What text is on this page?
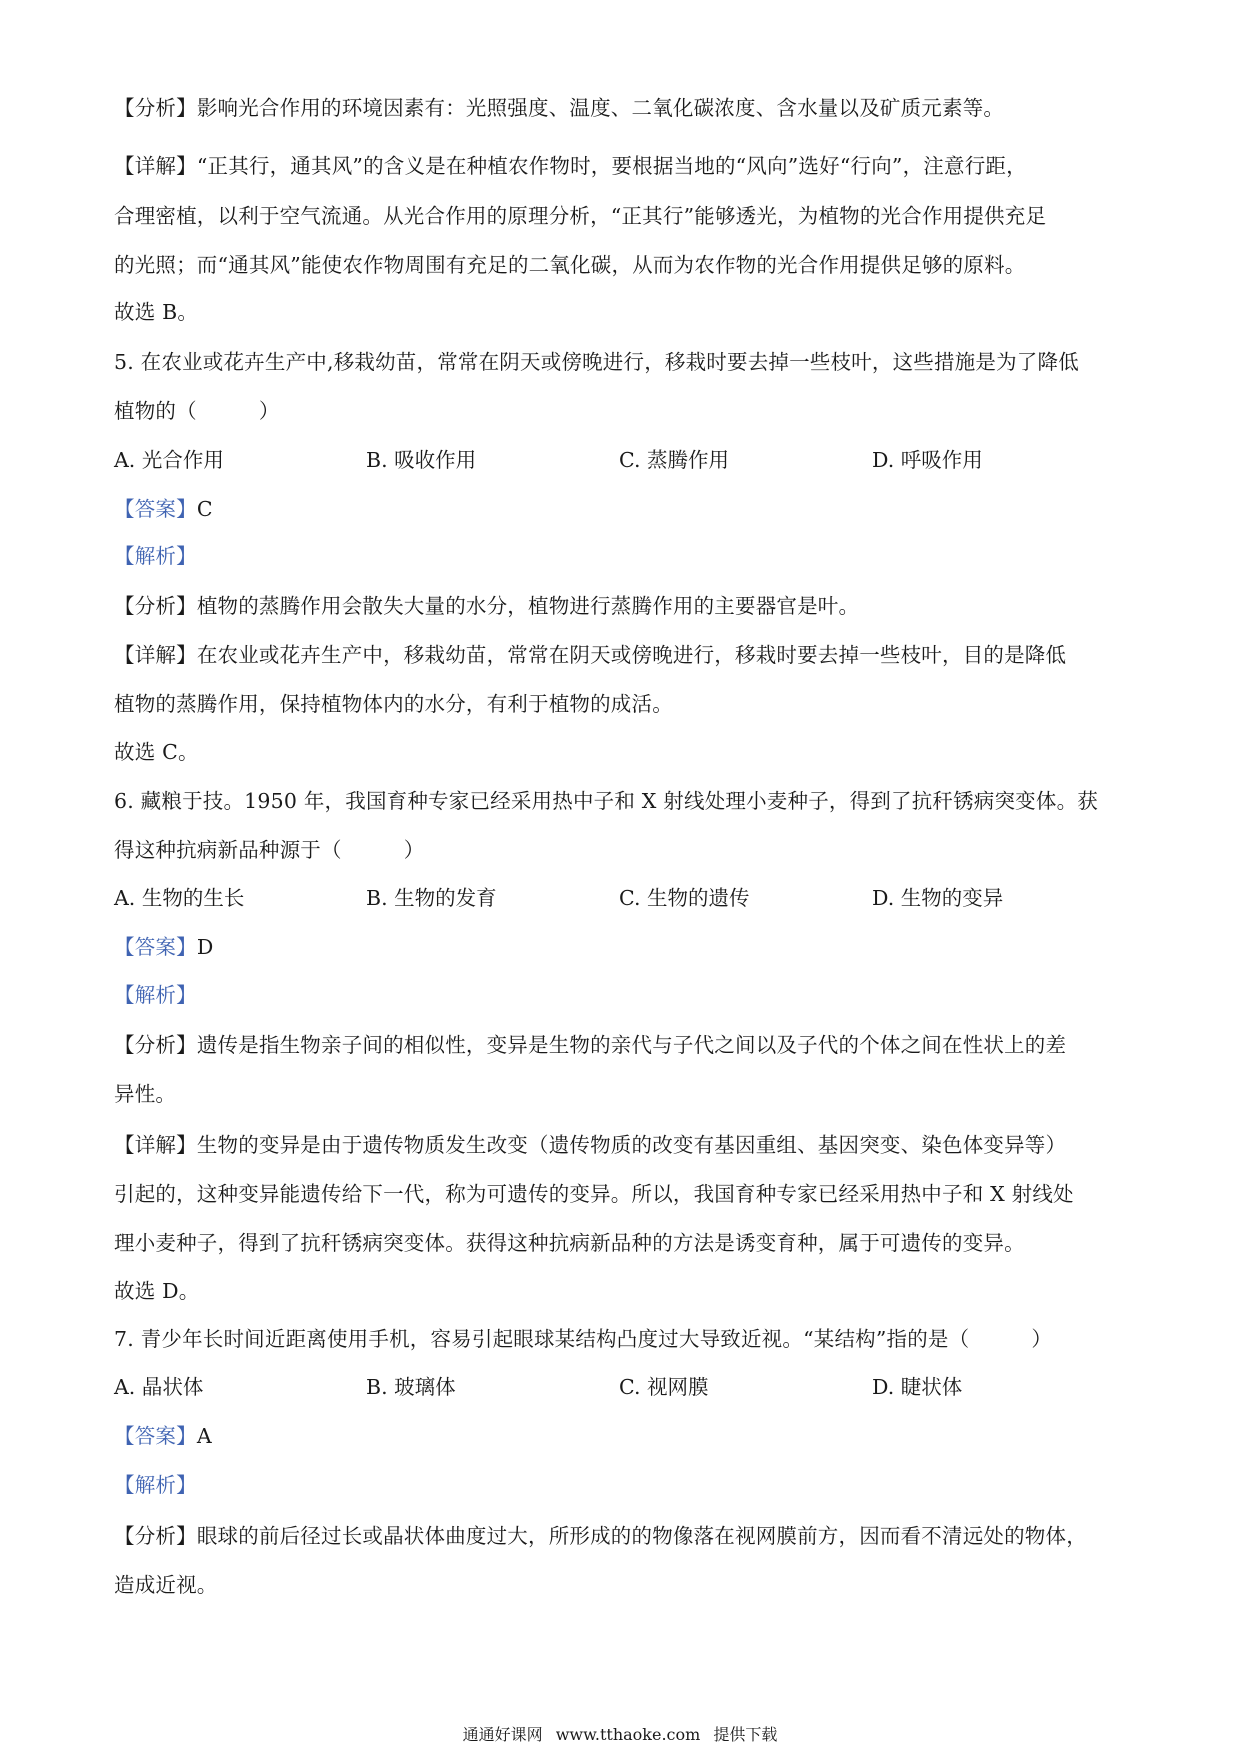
【分析】影响光合作用的环境因素有：光照强度、温度、二氧化碳浓度、含水量以及矿质元素等。
【详解】“正其行，通其风”的含义是在种植农作物时，要根据当地的“风向”选好“行向”，注意行距，
合理密植，以利于空气流通。从光合作用的原理分析，“正其行”能够透光，为植物的光合作用提供充足
的光照；而“通其风”能使农作物周围有充足的二氧化碳，从而为农作物的光合作用提供足够的原料。
故选 B。
5. 在农业或花卉生产中,移栽幼苗，常常在阴天或傍晚进行，移栽时要去掉一些枝叶，这些措施是为了降低
植物的（　　　）
A. 光合作用	B. 吸收作用	C. 蒸腾作用	D. 呼吸作用
【答案】C
【解析】
【分析】植物的蒸腾作用会散失大量的水分，植物进行蒸腾作用的主要器官是叶。
【详解】在农业或花卉生产中，移栽幼苗，常常在阴天或傍晚进行，移栽时要去掉一些枝叶，目的是降低
植物的蒸腾作用，保持植物体内的水分，有利于植物的成活。
故选 C。
6. 藏粮于技。1950 年，我国育种专家已经采用热中子和 X 射线处理小麦种子，得到了抗秆锈病突变体。获
得这种抗病新品种源于（　　　）
A. 生物的生长	B. 生物的发育	C. 生物的遗传	D. 生物的变异
【答案】D
【解析】
【分析】遗传是指生物亲子间的相似性，变异是生物的亲代与子代之间以及子代的个体之间在性状上的差
异性。
【详解】生物的变异是由于遗传物质发生改变（遗传物质的改变有基因重组、基因突变、染色体变异等）
引起的，这种变异能遗传给下一代，称为可遗传的变异。所以，我国育种专家已经采用热中子和 X 射线处
理小麦种子，得到了抗秆锈病突变体。获得这种抗病新品种的方法是诱变育种，属于可遗传的变异。
故选 D。
7. 青少年长时间近距离使用手机，容易引起眼球某结构凸度过大导致近视。“某结构”指的是（　　　）
A. 晶状体	B. 玻璃体	C. 视网膜	D. 睫状体
【答案】A
【解析】
【分析】眼球的前后径过长或晶状体曲度过大，所形成的的物像落在视网膜前方，因而看不清远处的物体，
造成近视。
通通好课网 www.tthaoke.com 提供下载
